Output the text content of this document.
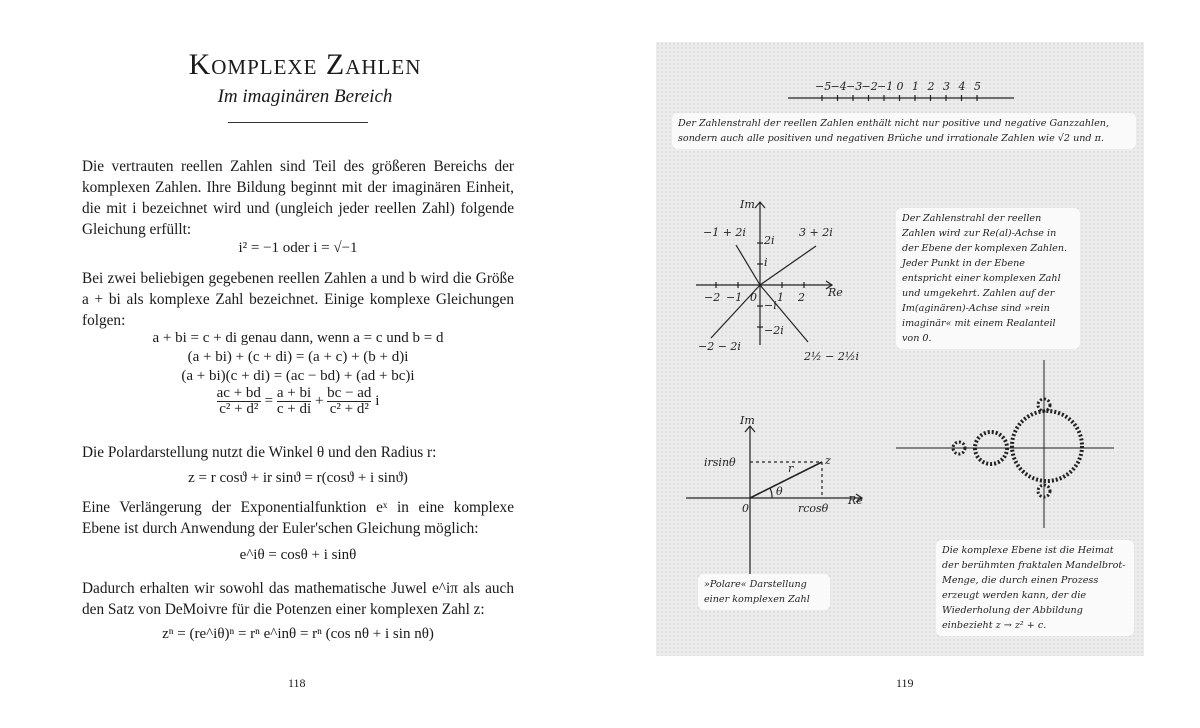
Komplexe Zahlen
Im imaginären Bereich
Die vertrauten reellen Zahlen sind Teil des größeren Bereichs der komplexen Zahlen. Ihre Bildung beginnt mit der imaginären Einheit, die mit i bezeichnet wird und (ungleich jeder reellen Zahl) folgende Gleichung erfüllt:
i² = −1 oder i = √−1
Bei zwei beliebigen gegebenen reellen Zahlen a und b wird die Größe a + bi als komplexe Zahl bezeichnet. Einige komplexe Gleichungen folgen:
a + bi = c + di genau dann, wenn a = c und b = d
(a + bi) + (c + di) = (a + c) + (b + d)i
(a + bi)(c + di) = (ac − bd) + (ad + bc)i
$\frac{ac + bd}{\text{c² + d²}} = \frac{a + bi}{c + di} + \frac{bc - ad}{\text{c² + d²}}$ i
Die Polardarstellung nutzt die Winkel θ und den Radius r:
z = r cosϑ + ir sinϑ = r(cosϑ + i sinϑ)
Eine Verlängerung der Exponentialfunktion eˣ in eine komplexe Ebene ist durch Anwendung der Euler'schen Gleichung möglich:
e^iθ = cosθ + i sinθ
Dadurch erhalten wir sowohl das mathematische Juwel e^iπ als auch den Satz von DeMoivre für die Potenzen einer komplexen Zahl z:
zⁿ = (re^iθ)ⁿ = rⁿ e^inθ = rⁿ (cos nθ + i sin nθ)
118
−5 −4 −3 −2 −1 0 1 2 3 4 5
Im
Re
−1 + 2i	3 + 2i
−2 − 2i
2½ − 2½i
2i
i
−i
−2i
−2 −1 0 1 2
Im
Re
z
r
θ
0
irsinθ
rcosθ
Der Zahlenstrahl der reellen Zahlen enthält nicht nur positive und negative Ganzzahlen, sondern auch alle positiven und negativen Brüche und irrationale Zahlen wie √2 und π.
Der Zahlenstrahl der reellen Zahlen wird zur Re(al)-Achse in der Ebene der komplexen Zahlen. Jeder Punkt in der Ebene entspricht einer komplexen Zahl und umgekehrt. Zahlen auf der Im(aginären)-Achse sind »rein imaginär« mit einem Realanteil von 0.
»Polare« Darstellung einer komplexen Zahl
Die komplexe Ebene ist die Heimat der berühmten fraktalen Mandelbrot-Menge, die durch einen Prozess erzeugt werden kann, der die Wiederholung der Abbildung einbezieht z → z² + c.
119
